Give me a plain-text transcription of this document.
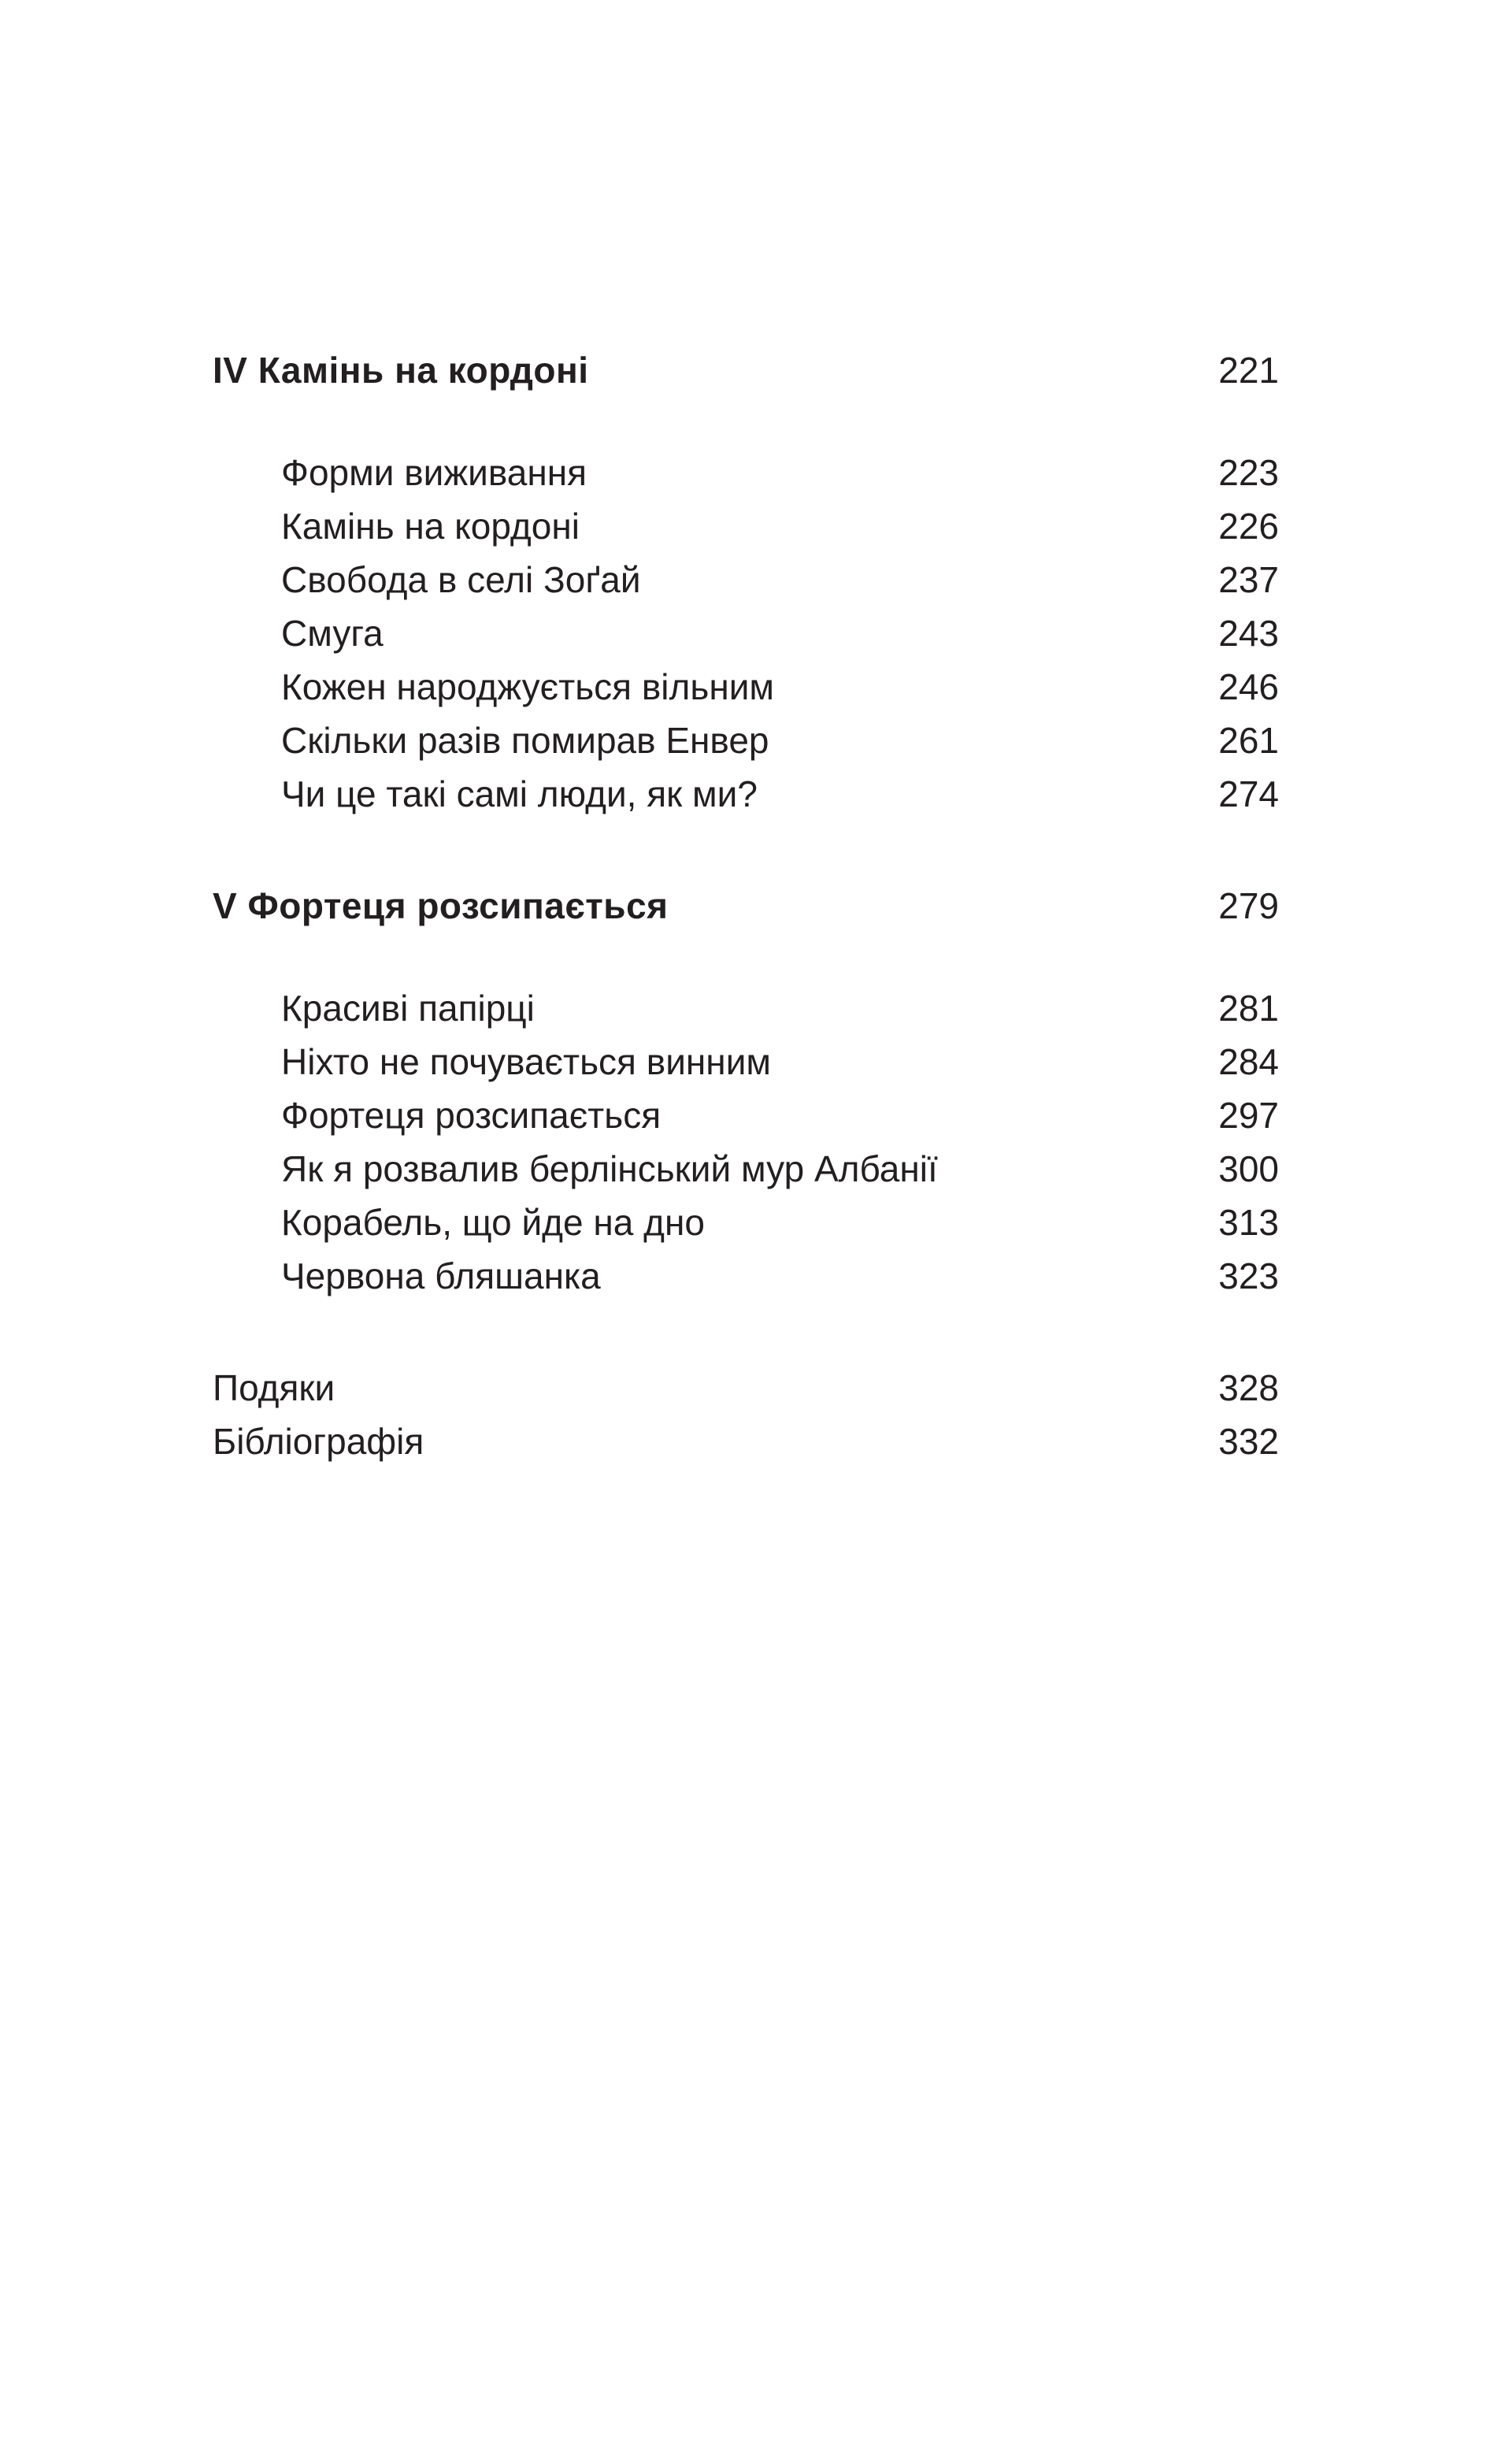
IV Камінь на кордоні	221
Форми виживання	223
Камінь на кордоні	226
Свобода в селі Зоґай	237
Смуга	243
Кожен народжується вільним	246
Скільки разів помирав Енвер	261
Чи це такі самі люди, як ми?	274
V Фортеця розсипається	279
Красиві папірці	281
Ніхто не почувається винним	284
Фортеця розсипається	297
Як я розвалив берлінський мур Албанії	300
Корабель, що йде на дно	313
Червона бляшанка	323
Подяки	328
Бібліографія	332
